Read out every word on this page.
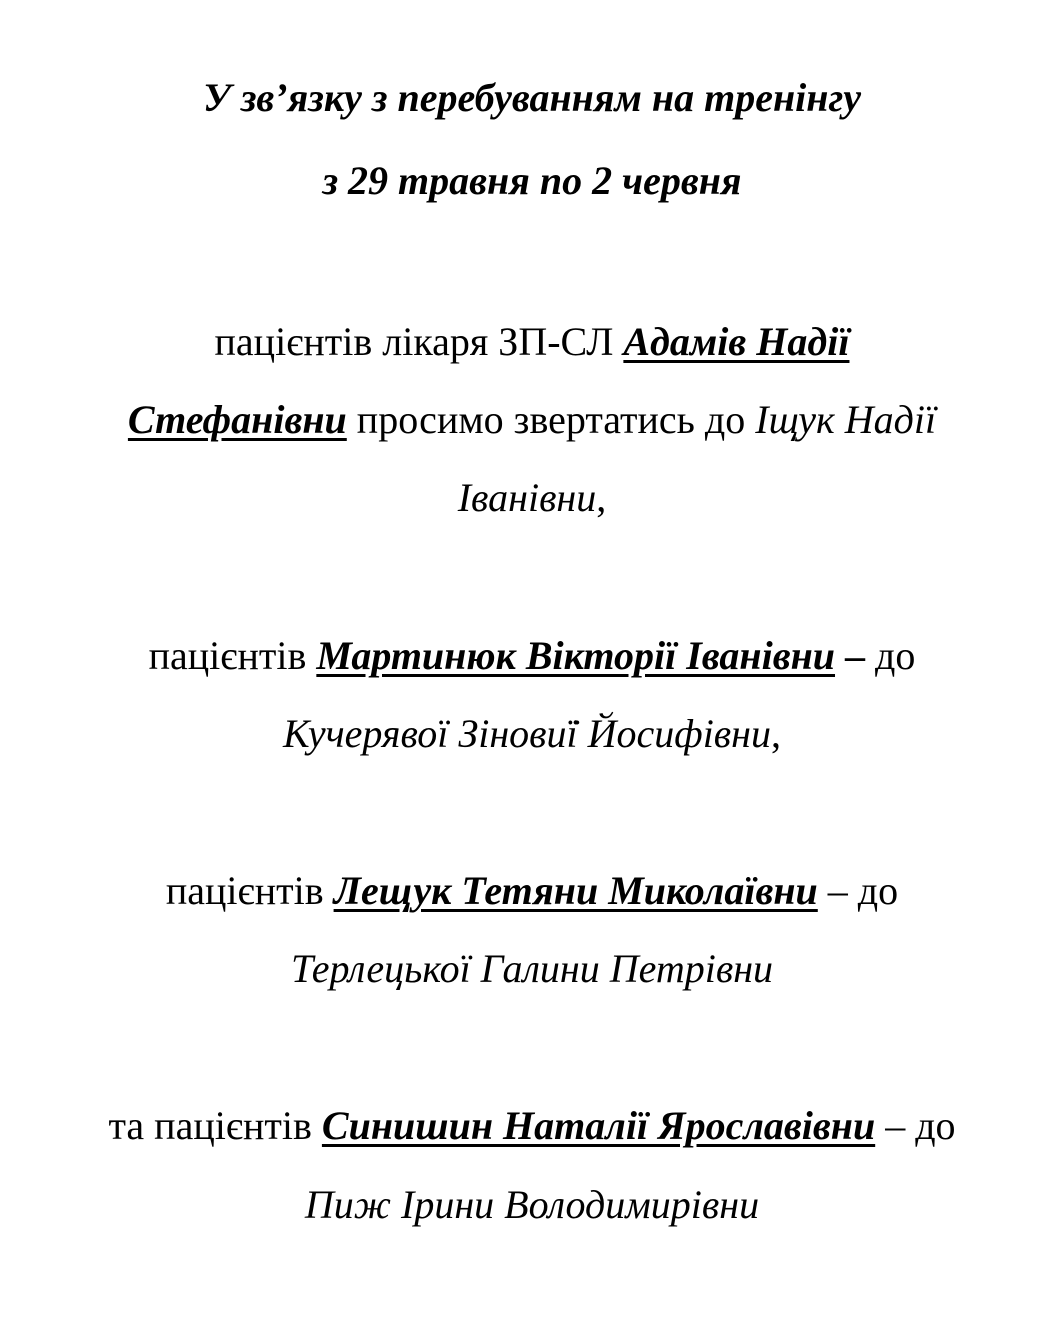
У зв’язку з перебуванням на тренінгу
з 29 травня по 2 червня
пацієнтів лікаря ЗП-СЛ Адамів Надії
Стефанівни просимо звертатись до Іщук Надії
Іванівни,
пацієнтів Мартинюк Вікторії Іванівни – до
Кучерявої Зінови̇ї Йосифівни,
пацієнтів Лещук Тетяни Миколаївни – до
Терлецької Галини Петрівни
та пацієнтів Синишин Наталії Ярославівни – до
Пиж Ірини Володимирівни
